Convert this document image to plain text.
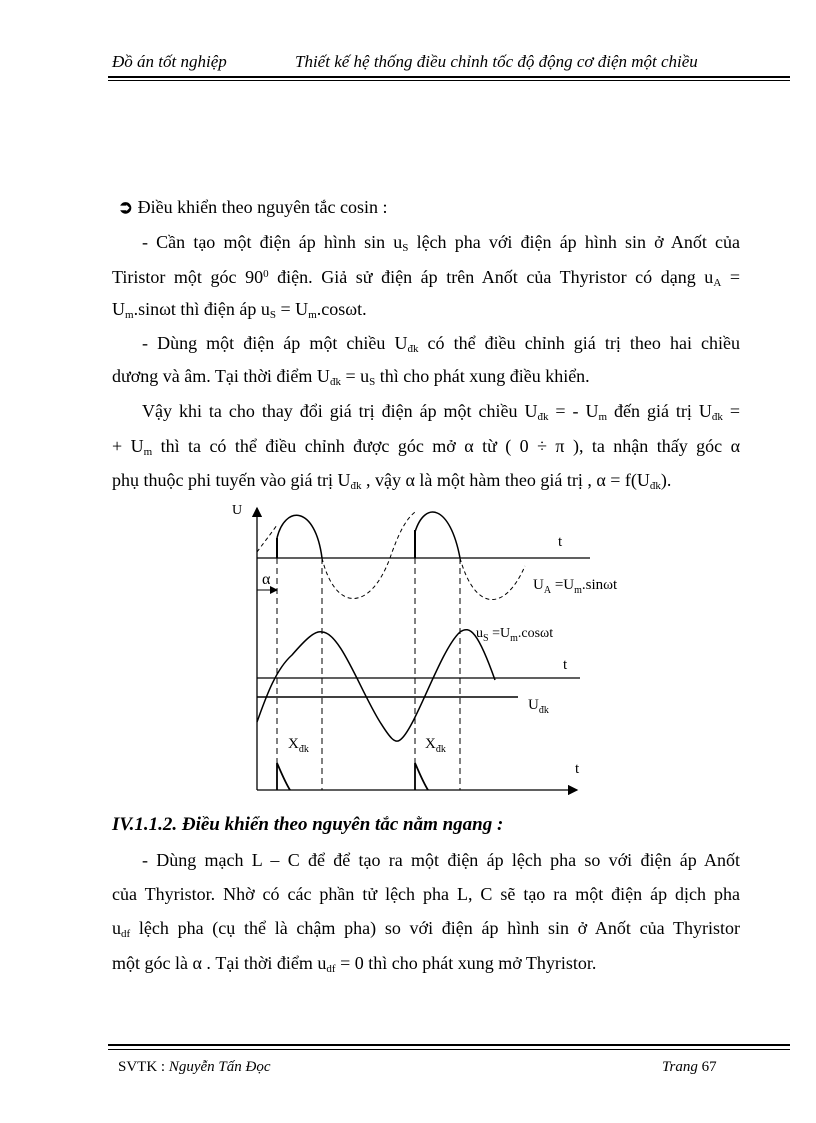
Đồ án tốt nghiệp	Thiết kế hệ thống điều chỉnh tốc độ động cơ điện một chiều
➲ Điều khiển theo nguyên tắc cosin :
- Cần tạo một điện áp hình $\sin u_S$ lệch pha với điện áp hình sin ở Anốt của
Tiristor một góc $90^0$ điện. Giả sử điện áp trên Anốt của Thyristor có dạng $u_A$ =
$U_m.\sin\omega t$ thì điện áp $u_S = U_m.\cos\omega t$.
- Dùng một điện áp một chiều $U_{đk}$ có thể điều chỉnh giá trị theo hai chiều
dương và âm. Tại thời điểm $U_{đk} = u_S$ thì cho phát xung điều khiển.
Vậy khi ta cho thay đổi giá trị điện áp một chiều $U_{đk}$ = - $U_m$ đến giá trị $U_{đk}$ =
+ $U_m$ thì ta có thể điều chỉnh được góc mở α từ ( 0 ÷ π ), ta nhận thấy góc α
phụ thuộc phi tuyến vào giá trị $U_{đk}$ , vậy α là một hàm theo giá trị , $\alpha = f(U_{đk})$.
U
t
α	$U_A =U_m.\sin\omega t$
t
$U_{đk}$
$u_S =U_m.\cos\omega t$
t
$X_{đk}$	$X_{đk}$
IV.1.1.2. Điều khiển theo nguyên tắc nằm ngang :
- Dùng mạch L – C để để tạo ra một điện áp lệch pha so với điện áp Anốt
của Thyristor. Nhờ có các phần tử lệch pha L, C sẽ tạo ra một điện áp dịch pha
$u_{df}$ lệch pha (cụ thể là chậm pha) so với điện áp hình sin ở Anốt của Thyristor
một góc là α . Tại thời điểm $u_{df} = 0$ thì cho phát xung mở Thyristor.
SVTK : Nguyễn Tấn Đọc	Trang 67
